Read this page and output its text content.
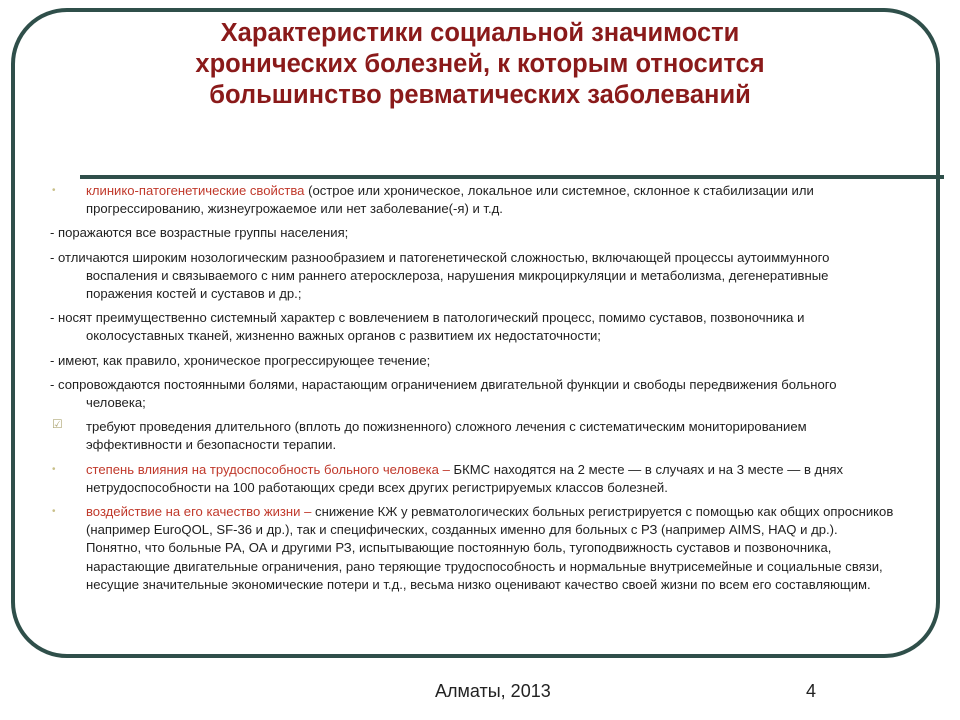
Характеристики социальной значимости
хронических болезней, к которым относится
большинство ревматических заболеваний
•	клинико-патогенетические свойства (острое или хроническое, локальное или системное, склонное к стабилизации или прогрессированию, жизнеугрожаемое или нет заболевание(-я) и т.д.
- поражаются все возрастные группы населения;
- отличаются широким нозологическим разнообразием и патогенетической сложностью, включающей процессы аутоиммунного воспаления и связываемого с ним раннего атеросклероза, нарушения микроциркуляции и метаболизма, дегенеративные поражения костей и суставов и др.;
- носят преимущественно системный характер с вовлечением в патологический процесс, помимо суставов, позвоночника и околосуставных тканей, жизненно важных органов с развитием их недостаточности;
- имеют, как правило, хроническое прогрессирующее течение;
- сопровождаются постоянными болями, нарастающим ограничением двигательной функции и свободы передвижения больного человека;
☑ требуют проведения длительного (вплоть до пожизненного) сложного лечения с систематическим мониторированием эффективности и безопасности терапии.
•	степень влияния на трудоспособность больного человека – БКМС находятся на 2 месте — в случаях и на 3 месте — в днях нетрудоспособности на 100 работающих среди всех других регистрируемых классов болезней.
•	воздействие на его качество жизни – снижение КЖ у ревматологических больных регистрируется с помощью как общих опросников (например EuroQOL, SF-36 и др.), так и специфических, созданных именно для больных с РЗ (например AIMS, HAQ и др.). Понятно, что больные РА, ОА и другими РЗ, испытывающие постоянную боль, тугоподвижность суставов и позвоночника, нарастающие двигательные ограничения, рано теряющие трудоспособность и нормальные внутрисемейные и социальные связи, несущие значительные экономические потери и т.д., весьма низко оценивают качество своей жизни по всем его составляющим.
Алматы, 2013	4
